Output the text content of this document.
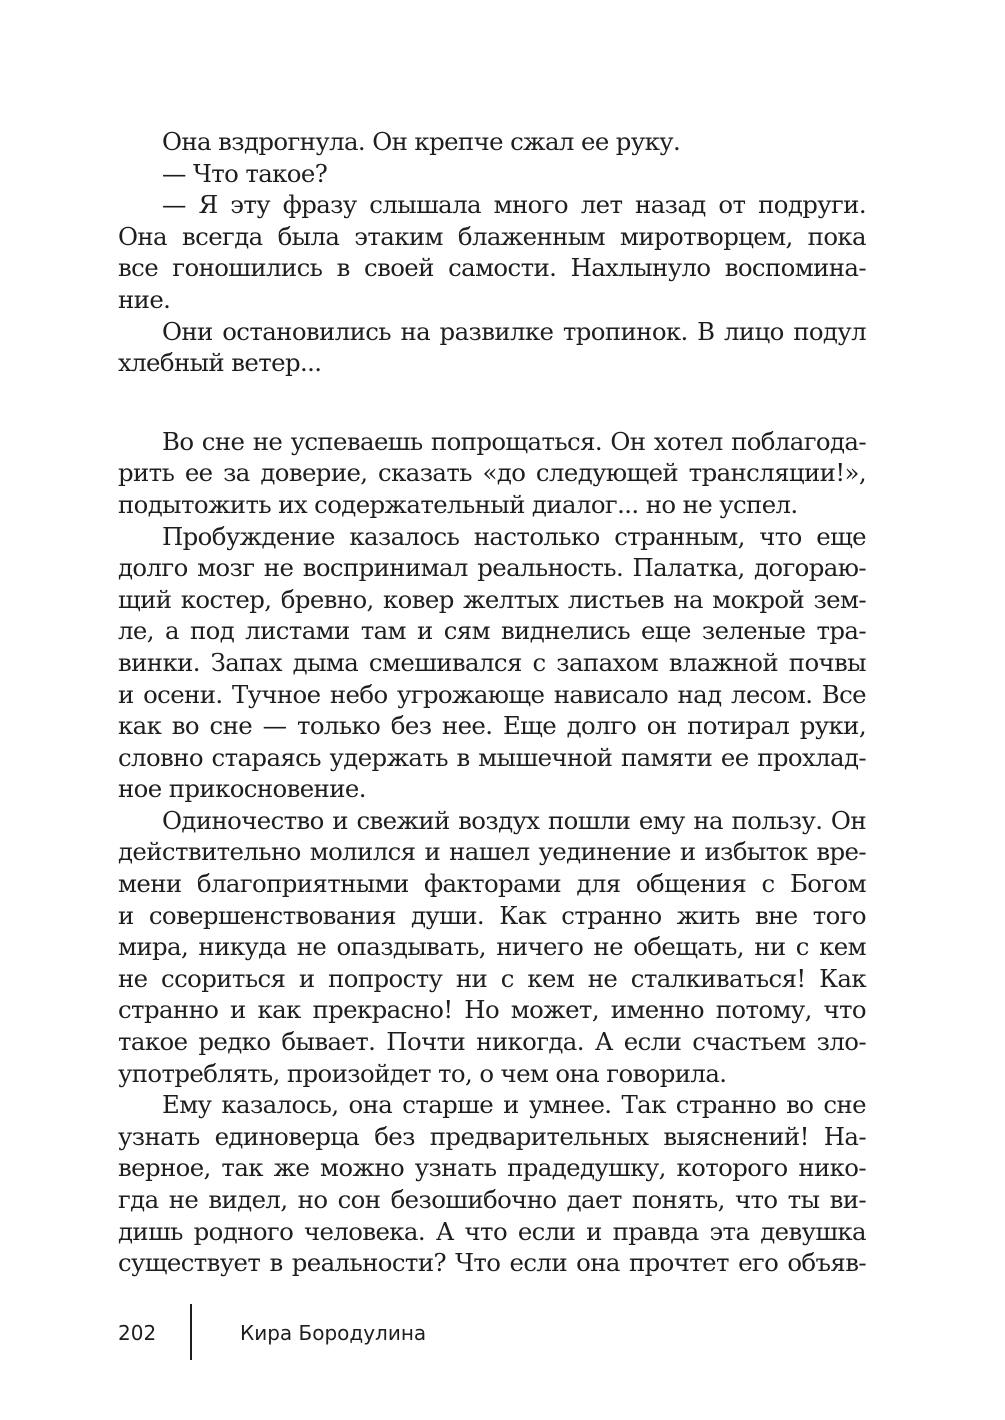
Она вздрогнула. Он крепче сжал ее руку.
— Что такое?
— Я эту фразу слышала много лет назад от подруги.
Она всегда была этаким блаженным миротворцем, пока
все гоношились в своей самости. Нахлынуло воспомина-
ние.
Они остановились на развилке тропинок. В лицо подул
хлебный ветер...
Во сне не успеваешь попрощаться. Он хотел поблагода-
рить ее за доверие, сказать «до следующей трансляции!»,
подытожить их содержательный диалог... но не успел.
Пробуждение казалось настолько странным, что еще
долго мозг не воспринимал реальность. Палатка, догораю-
щий костер, бревно, ковер желтых листьев на мокрой зем-
ле, а под листами там и сям виднелись еще зеленые тра-
винки. Запах дыма смешивался с запахом влажной почвы
и осени. Тучное небо угрожающе нависало над лесом. Все
как во сне — только без нее. Еще долго он потирал руки,
словно стараясь удержать в мышечной памяти ее прохлад-
ное прикосновение.
Одиночество и свежий воздух пошли ему на пользу. Он
действительно молился и нашел уединение и избыток вре-
мени благоприятными факторами для общения с Богом
и совершенствования души. Как странно жить вне того
мира, никуда не опаздывать, ничего не обещать, ни с кем
не ссориться и попросту ни с кем не сталкиваться! Как
странно и как прекрасно! Но может, именно потому, что
такое редко бывает. Почти никогда. А если счастьем зло-
употреблять, произойдет то, о чем она говорила.
Ему казалось, она старше и умнее. Так странно во сне
узнать единоверца без предварительных выяснений! На-
верное, так же можно узнать прадедушку, которого нико-
гда не видел, но сон безошибочно дает понять, что ты ви-
дишь родного человека. А что если и правда эта девушка
существует в реальности? Что если она прочтет его объяв-
202	Кира Бородулина
